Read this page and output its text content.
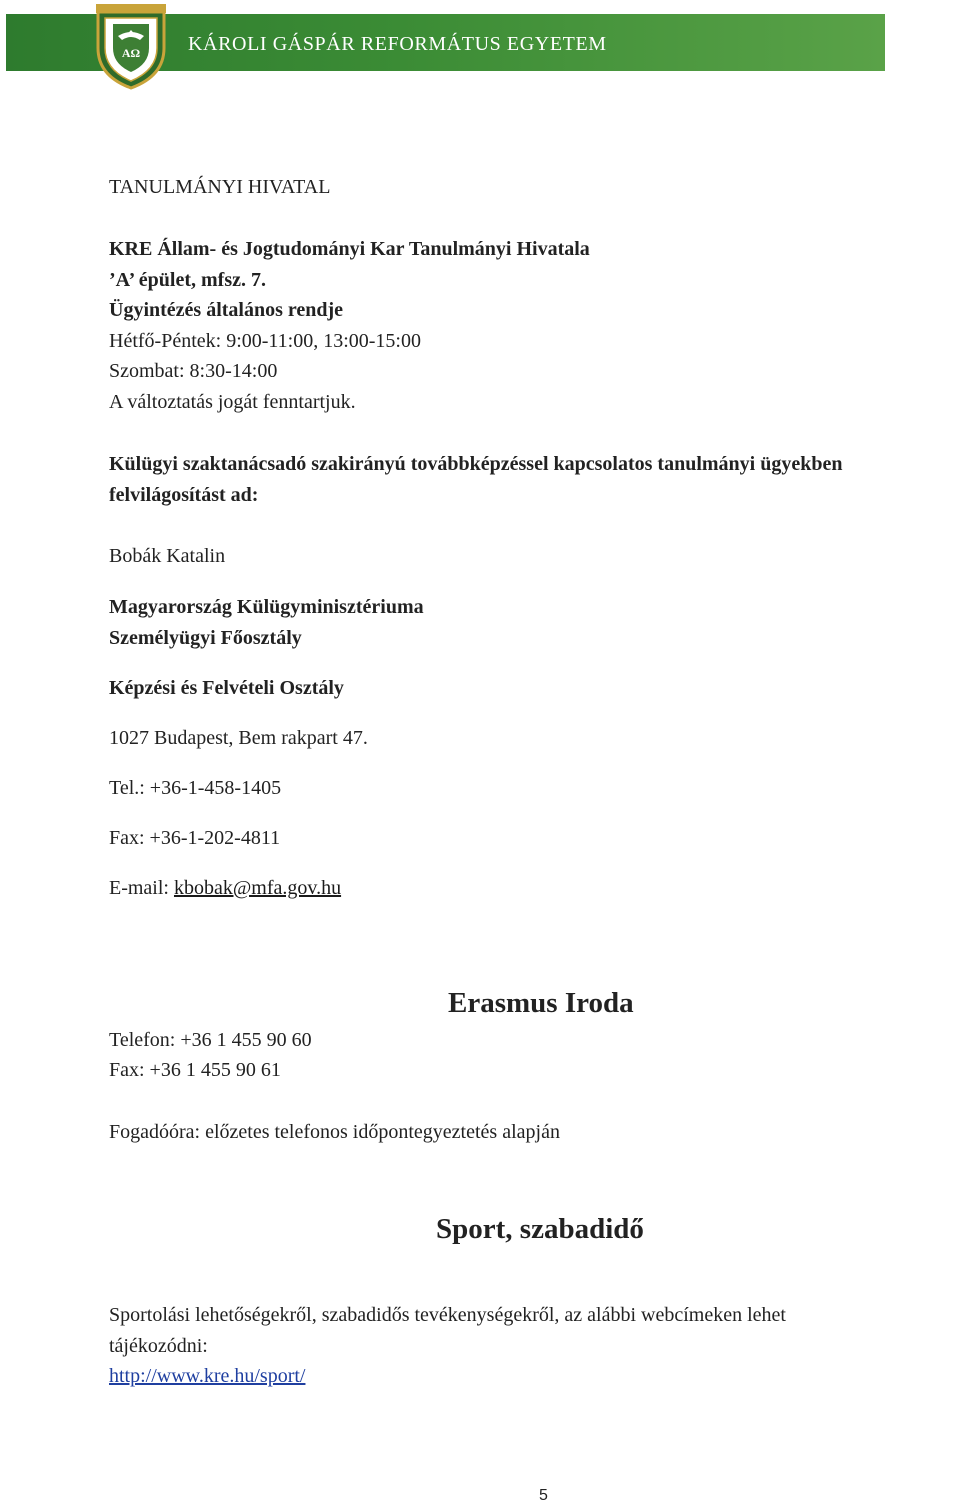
KÁROLI GÁSPÁR REFORMÁTUS EGYETEM
AΩ
TANULMÁNYI HIVATAL
KRE Állam- és Jogtudományi Kar Tanulmányi Hivatala
’A’ épület, mfsz. 7.
Ügyintézés általános rendje
Hétfő-Péntek: 9:00-11:00, 13:00-15:00
Szombat: 8:30-14:00
A változtatás jogát fenntartjuk.
Külügyi szaktanácsadó szakirányú továbbképzéssel kapcsolatos tanulmányi ügyekben
felvilágosítást ad:
Bobák Katalin
Magyarország Külügyminisztériuma
Személyügyi Főosztály
Képzési és Felvételi Osztály
1027 Budapest, Bem rakpart 47.
Tel.: +36-1-458-1405
Fax: +36-1-202-4811
E-mail: kbobak@mfa.gov.hu
Erasmus Iroda
Telefon: +36 1 455 90 60
Fax: +36 1 455 90 61
Fogadóóra: előzetes telefonos időpontegyeztetés alapján
Sport, szabadidő
Sportolási lehetőségekről, szabadidős tevékenységekről, az alábbi webcímeken lehet
tájékozódni:
http://www.kre.hu/sport/
5
